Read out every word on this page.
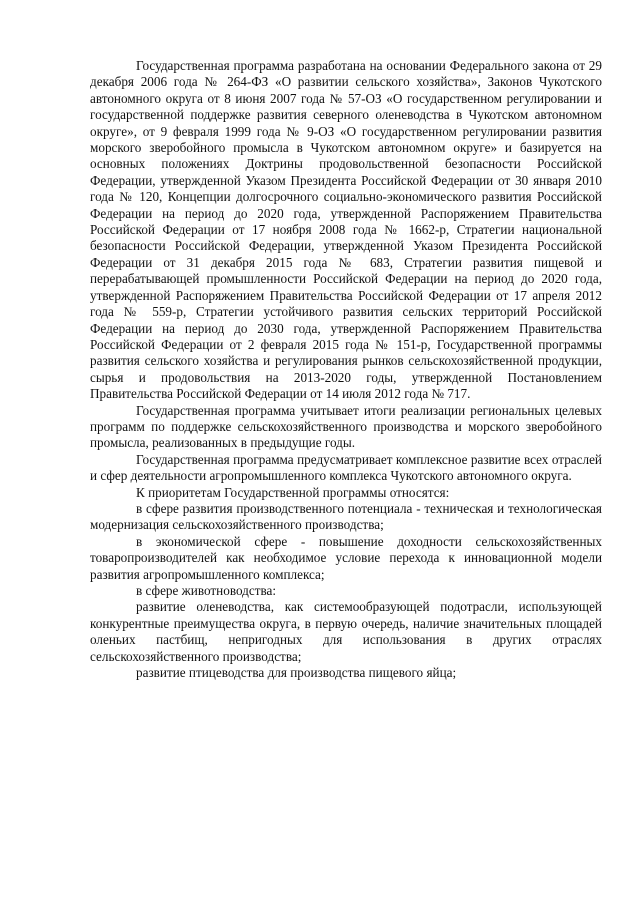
Государственная программа разработана на основании Федерального закона от 29 декабря 2006 года № 264-ФЗ «О развитии сельского хозяйства», Законов Чукотского автономного округа от 8 июня 2007 года № 57-ОЗ «О государственном регулировании и государственной поддержке развития северного оленеводства в Чукотском автономном округе», от 9 февраля 1999 года № 9-ОЗ «О государственном регулировании развития морского зверобойного промысла в Чукотском автономном округе» и базируется на основных положениях Доктрины продовольственной безопасности Российской Федерации, утвержденной Указом Президента Российской Федерации от 30 января 2010 года № 120, Концепции долгосрочного социально-экономического развития Российской Федерации на период до 2020 года, утвержденной Распоряжением Правительства Российской Федерации от 17 ноября 2008 года № 1662-р, Стратегии национальной безопасности Российской Федерации, утвержденной Указом Президента Российской Федерации от 31 декабря 2015 года № 683, Стратегии развития пищевой и перерабатывающей промышленности Российской Федерации на период до 2020 года, утвержденной Распоряжением Правительства Российской Федерации от 17 апреля 2012 года № 559-р, Стратегии устойчивого развития сельских территорий Российской Федерации на период до 2030 года, утвержденной Распоряжением Правительства Российской Федерации от 2 февраля 2015 года № 151-р, Государственной программы развития сельского хозяйства и регулирования рынков сельскохозяйственной продукции, сырья и продовольствия на 2013-2020 годы, утвержденной Постановлением Правительства Российской Федерации от 14 июля 2012 года № 717.

Государственная программа учитывает итоги реализации региональных целевых программ по поддержке сельскохозяйственного производства и морского зверобойного промысла, реализованных в предыдущие годы.

Государственная программа предусматривает комплексное развитие всех отраслей и сфер деятельности агропромышленного комплекса Чукотского автономного округа.

К приоритетам Государственной программы относятся:

в сфере развития производственного потенциала - техническая и технологическая модернизация сельскохозяйственного производства;

в экономической сфере - повышение доходности сельскохозяйственных товаропроизводителей как необходимое условие перехода к инновационной модели развития агропромышленного комплекса;

в сфере животноводства:

развитие оленеводства, как системообразующей подотрасли, использующей конкурентные преимущества округа, в первую очередь, наличие значительных площадей оленьих пастбищ, непригодных для использования в других отраслях сельскохозяйственного производства;

развитие птицеводства для производства пищевого яйца;
